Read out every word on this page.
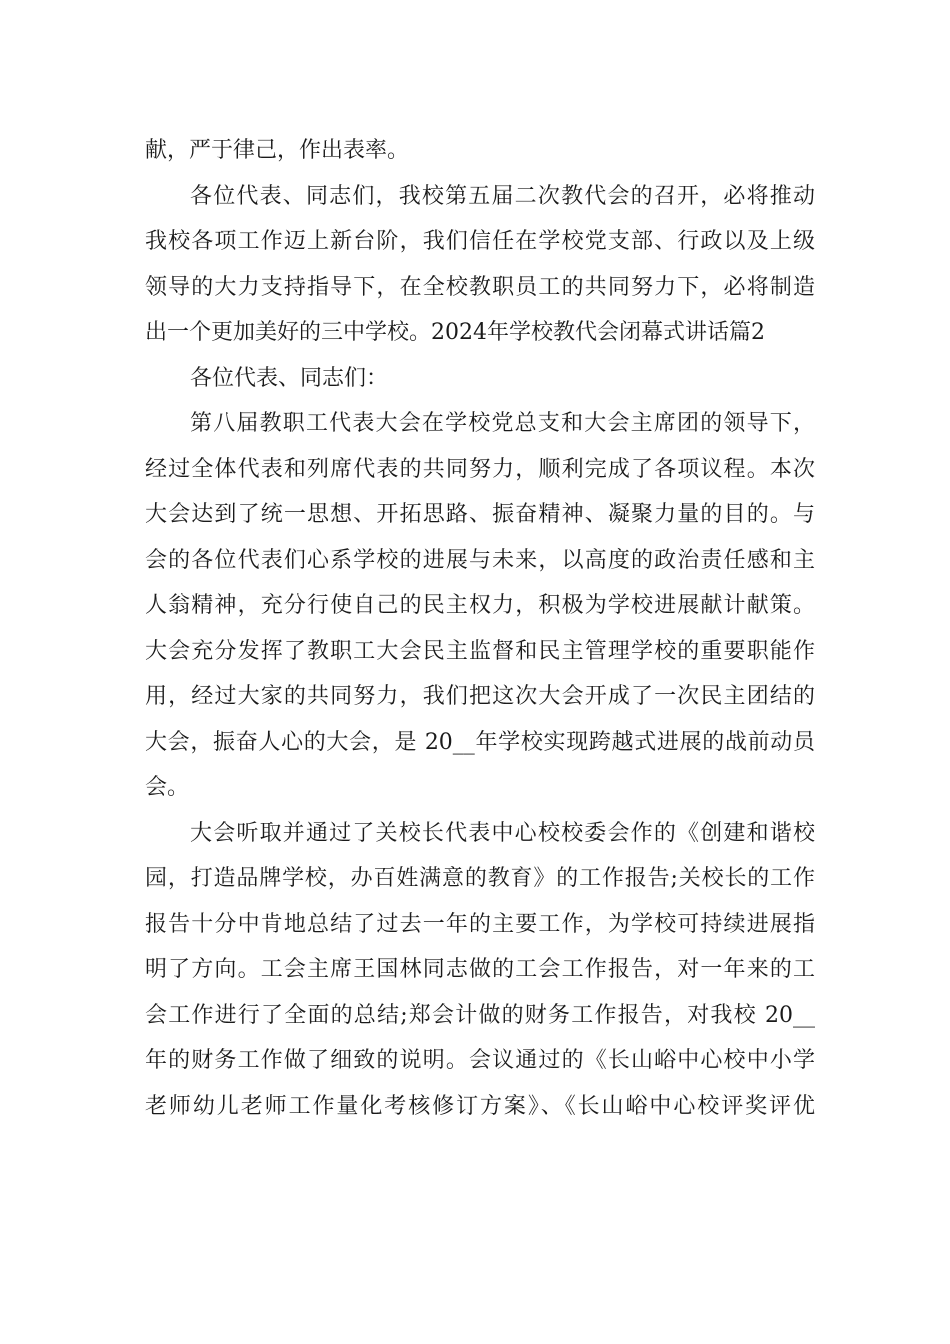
献，严于律己，作出表率。
各位代表、同志们，我校第五届二次教代会的召开，必将推动
我校各项工作迈上新台阶，我们信任在学校党支部、行政以及上级
领导的大力支持指导下，在全校教职员工的共同努力下，必将制造
出一个更加美好的三中学校。2024年学校教代会闭幕式讲话篇2
各位代表、同志们：
第八届教职工代表大会在学校党总支和大会主席团的领导下，
经过全体代表和列席代表的共同努力，顺利完成了各项议程。本次
大会达到了统一思想、开拓思路、振奋精神、凝聚力量的目的。与
会的各位代表们心系学校的进展与未来，以高度的政治责任感和主
人翁精神，充分行使自己的民主权力，积极为学校进展献计献策。
大会充分发挥了教职工大会民主监督和民主管理学校的重要职能作
用，经过大家的共同努力，我们把这次大会开成了一次民主团结的
大会，振奋人心的大会，是 20__年学校实现跨越式进展的战前动员
会。
大会听取并通过了关校长代表中心校校委会作的《创建和谐校
园，打造品牌学校，办百姓满意的教育》的工作报告;关校长的工作
报告十分中肯地总结了过去一年的主要工作，为学校可持续进展指
明了方向。工会主席王国林同志做的工会工作报告，对一年来的工
会工作进行了全面的总结;郑会计做的财务工作报告，对我校 20__
年的财务工作做了细致的说明。会议通过的《长山峪中心校中小学
老师幼儿老师工作量化考核修订方案》、《长山峪中心校评奖评优
